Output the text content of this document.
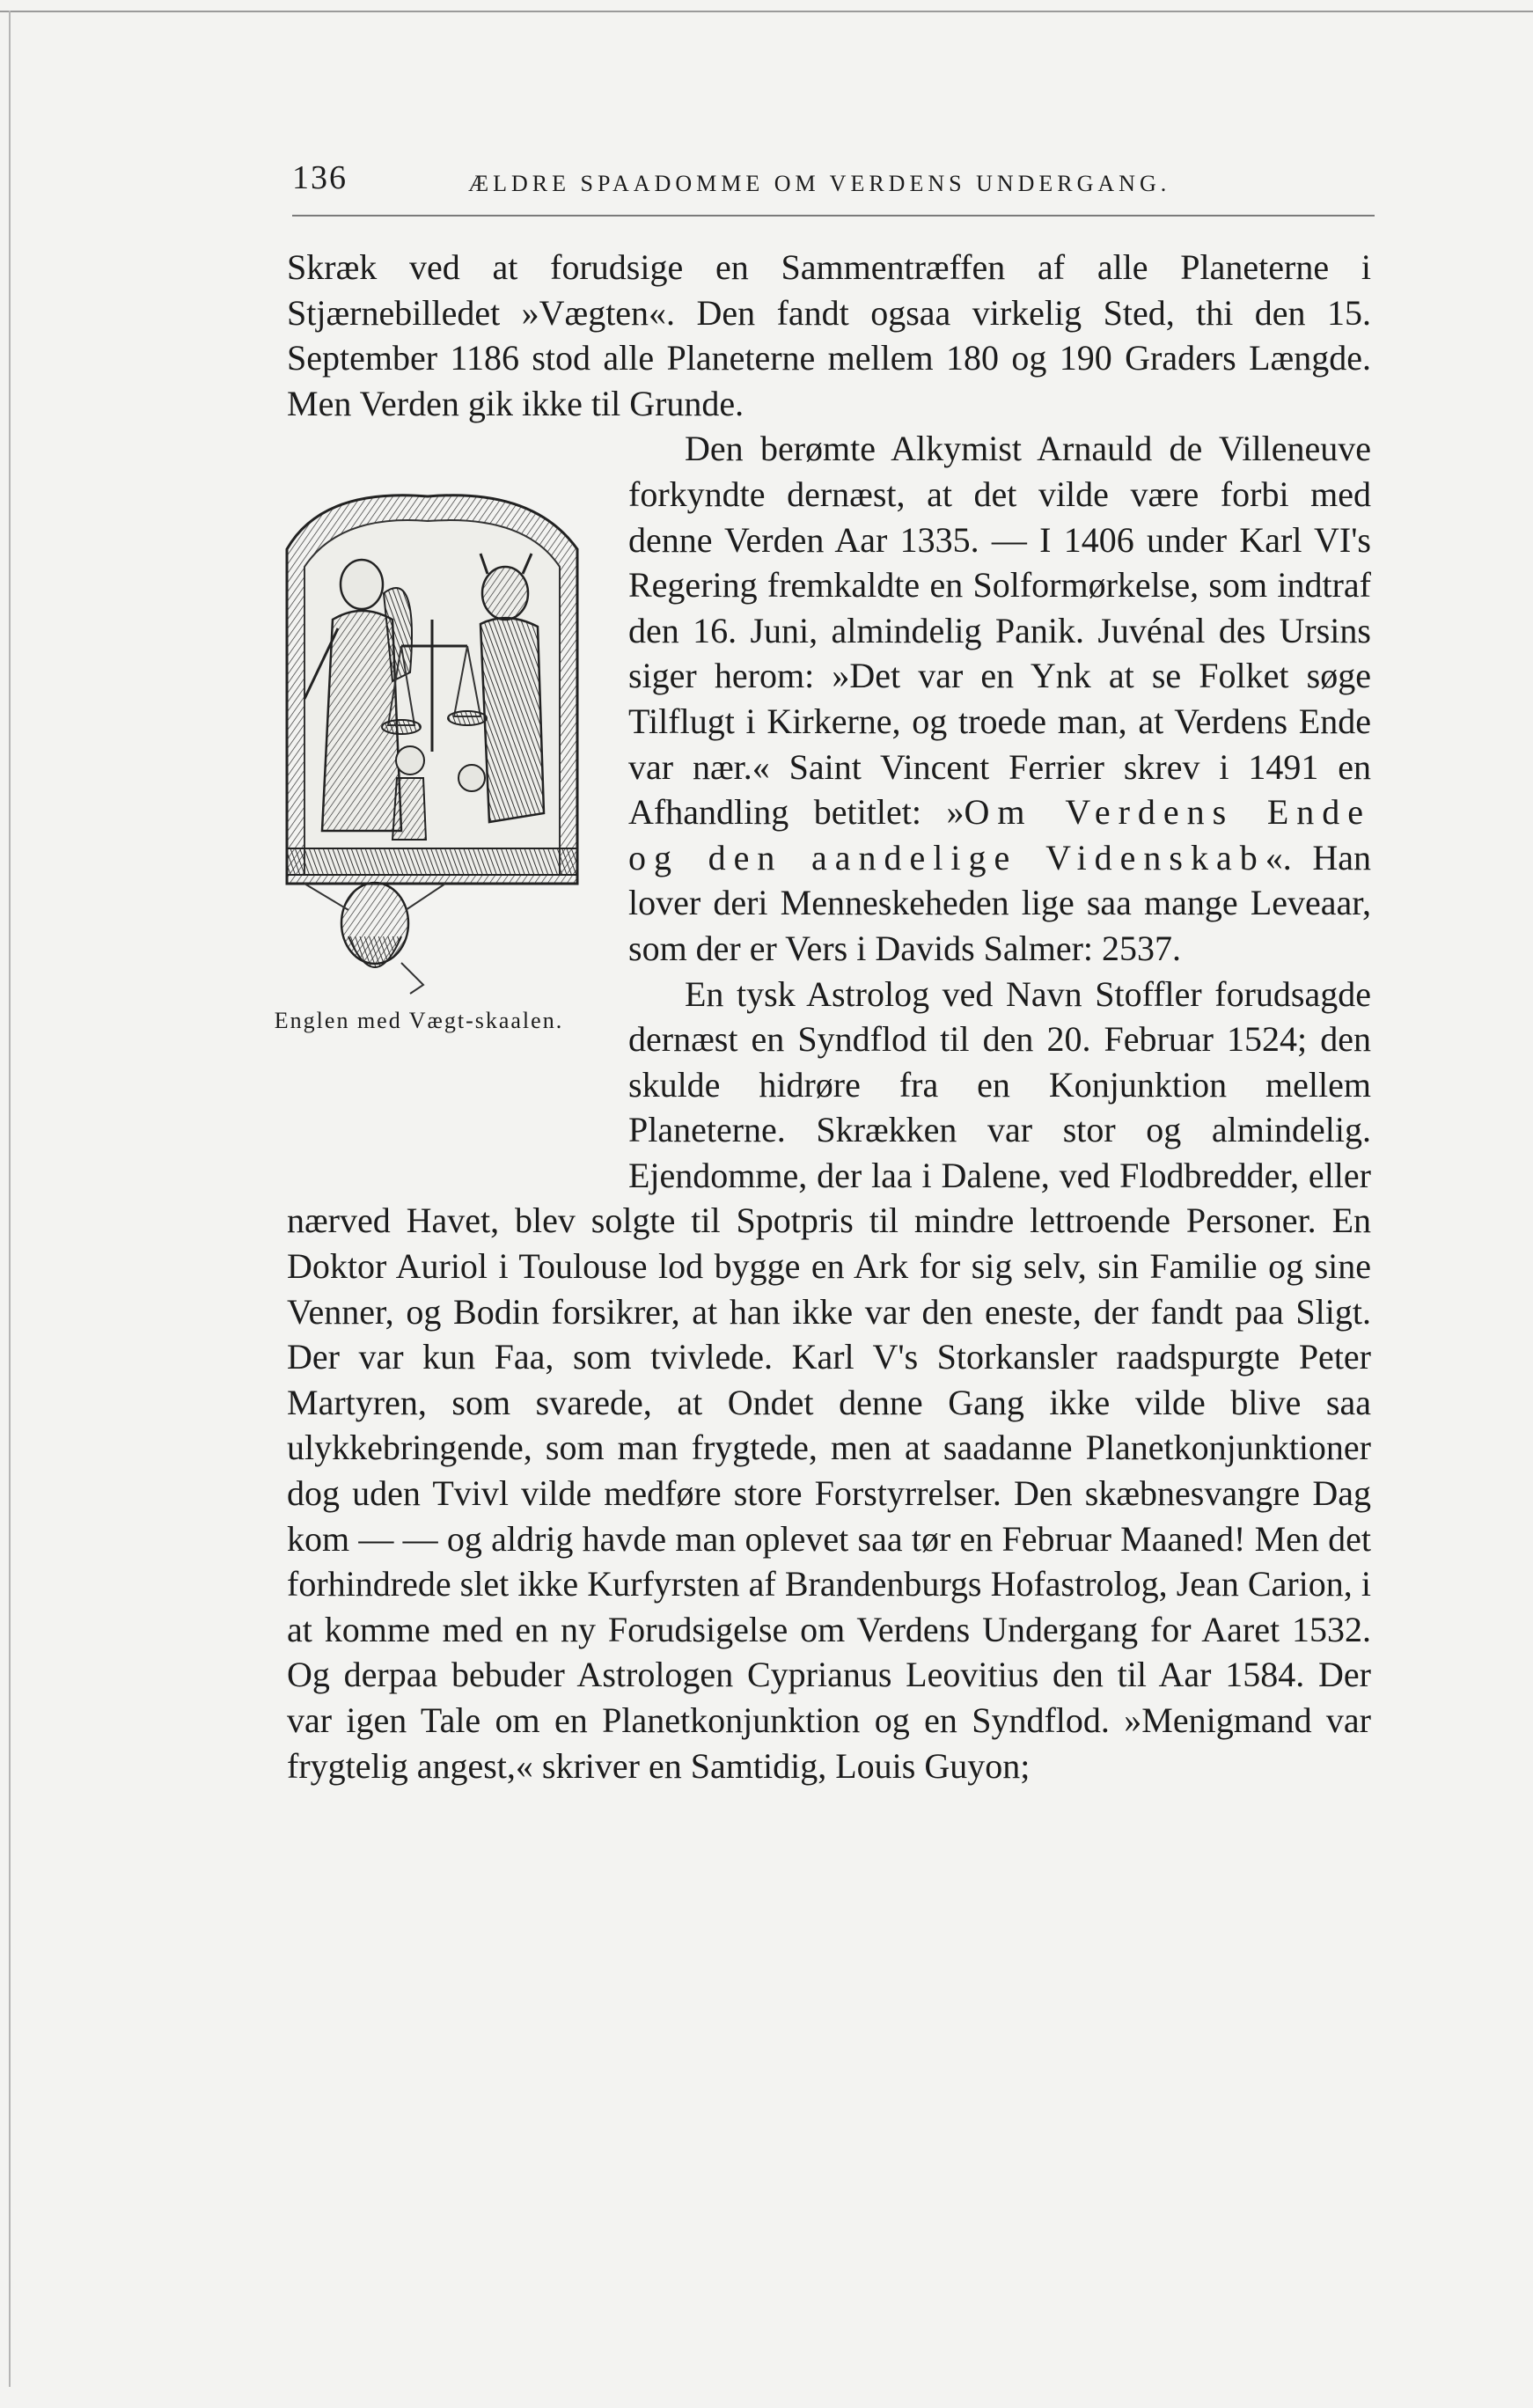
136	ÆLDRE SPAADOMME OM VERDENS UNDERGANG.

Skræk ved at forudsige en Sammentræffen af alle Planeterne i Stjærnebilledet »Vægten«. Den fandt ogsaa virkelig Sted, thi den 15. September 1186 stod alle Planeterne mellem 180 og 190 Graders Længde. Men Verden gik ikke til Grunde.

Englen med Vægt-skaalen.

Den berømte Alkymist Arnauld de Villeneuve forkyndte dernæst, at det vilde være forbi med denne Verden Aar 1335. — I 1406 under Karl VI's Regering fremkaldte en Solformørkelse, som indtraf den 16. Juni, almindelig Panik. Juvénal des Ursins siger herom: »Det var en Ynk at se Folket søge Tilflugt i Kirkerne, og troede man, at Verdens Ende var nær.« Saint Vincent Ferrier skrev i 1491 en Afhandling betitlet: »Om Verdens Ende og den aandelige Videnskab«. Han lover deri Menneskeheden lige saa mange Leveaar, som der er Vers i Davids Salmer: 2537.

En tysk Astrolog ved Navn Stoffler forudsagde dernæst en Syndflod til den 20. Februar 1524; den skulde hidrøre fra en Konjunktion mellem Planeterne. Skrækken var stor og almindelig. Ejendomme, der laa i Dalene, ved Flodbredder, eller nærved Havet, blev solgte til Spotpris til mindre lettroende Personer. En Doktor Auriol i Toulouse lod bygge en Ark for sig selv, sin Familie og sine Venner, og Bodin forsikrer, at han ikke var den eneste, der fandt paa Sligt. Der var kun Faa, som tvivlede. Karl V's Storkansler raadspurgte Peter Martyren, som svarede, at Ondet denne Gang ikke vilde blive saa ulykkebringende, som man frygtede, men at saadanne Planetkonjunktioner dog uden Tvivl vilde medføre store Forstyrrelser. Den skæbnesvangre Dag kom — — og aldrig havde man oplevet saa tør en Februar Maaned! Men det forhindrede slet ikke Kurfyrsten af Brandenburgs Hofastrolog, Jean Carion, i at komme med en ny Forudsigelse om Verdens Undergang for Aaret 1532. Og derpaa bebuder Astrologen Cyprianus Leovitius den til Aar 1584. Der var igen Tale om en Planetkonjunktion og en Syndflod. »Menigmand var frygtelig angest,« skriver en Samtidig, Louis Guyon;
